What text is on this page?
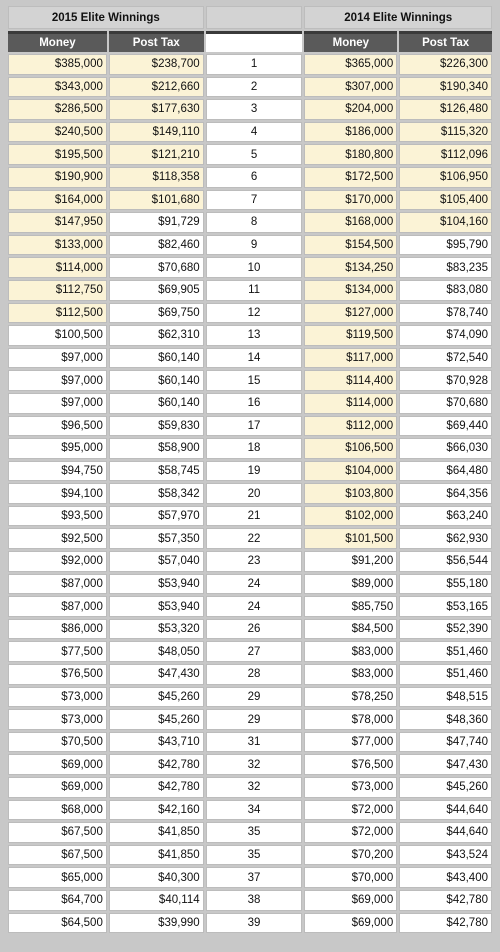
2015 Elite Winnings			2014 Elite Winnings	
Money	Post Tax		Money	Post Tax
$385,000	$238,700	1	$365,000	$226,300
$343,000	$212,660	2	$307,000	$190,340
$286,500	$177,630	3	$204,000	$126,480
$240,500	$149,110	4	$186,000	$115,320
$195,500	$121,210	5	$180,800	$112,096
$190,900	$118,358	6	$172,500	$106,950
$164,000	$101,680	7	$170,000	$105,400
$147,950	$91,729	8	$168,000	$104,160
$133,000	$82,460	9	$154,500	$95,790
$114,000	$70,680	10	$134,250	$83,235
$112,750	$69,905	11	$134,000	$83,080
$112,500	$69,750	12	$127,000	$78,740
$100,500	$62,310	13	$119,500	$74,090
$97,000	$60,140	14	$117,000	$72,540
$97,000	$60,140	15	$114,400	$70,928
$97,000	$60,140	16	$114,000	$70,680
$96,500	$59,830	17	$112,000	$69,440
$95,000	$58,900	18	$106,500	$66,030
$94,750	$58,745	19	$104,000	$64,480
$94,100	$58,342	20	$103,800	$64,356
$93,500	$57,970	21	$102,000	$63,240
$92,500	$57,350	22	$101,500	$62,930
$92,000	$57,040	23	$91,200	$56,544
$87,000	$53,940	24	$89,000	$55,180
$87,000	$53,940	24	$85,750	$53,165
$86,000	$53,320	26	$84,500	$52,390
$77,500	$48,050	27	$83,000	$51,460
$76,500	$47,430	28	$83,000	$51,460
$73,000	$45,260	29	$78,250	$48,515
$73,000	$45,260	29	$78,000	$48,360
$70,500	$43,710	31	$77,000	$47,740
$69,000	$42,780	32	$76,500	$47,430
$69,000	$42,780	32	$73,000	$45,260
$68,000	$42,160	34	$72,000	$44,640
$67,500	$41,850	35	$72,000	$44,640
$67,500	$41,850	35	$70,200	$43,524
$65,000	$40,300	37	$70,000	$43,400
$64,700	$40,114	38	$69,000	$42,780
$64,500	$39,990	39	$69,000	$42,780
